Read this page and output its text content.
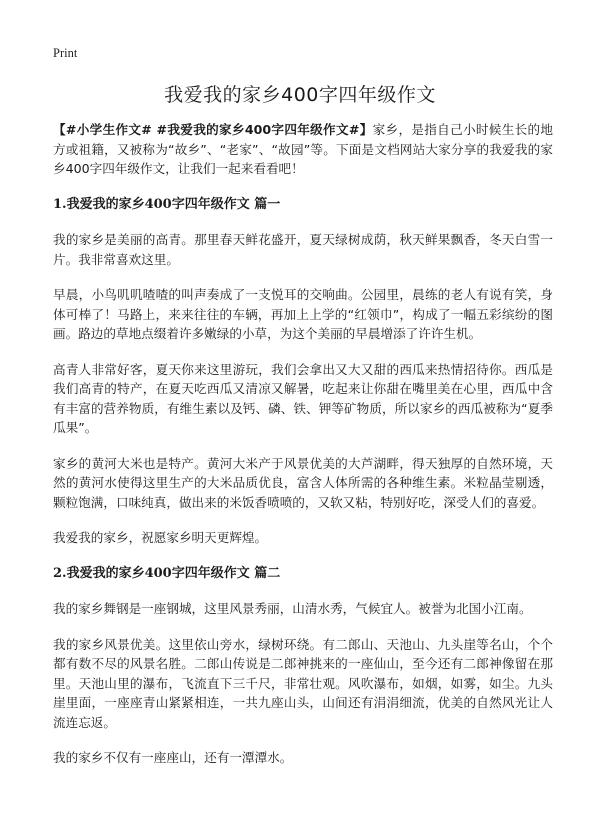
Print
我爱我的家乡400字四年级作文

【#小学生作文# #我爱我的家乡400字四年级作文#】家乡，是指自己小时候生长的地方或祖籍，又被称为“故乡”、“老家”、“故园”等。下面是文档网站大家分享的我爱我的家乡400字四年级作文，让我们一起来看看吧！

1.我爱我的家乡400字四年级作文 篇一

我的家乡是美丽的高青。那里春天鲜花盛开，夏天绿树成荫，秋天鲜果飘香，冬天白雪一片。我非常喜欢这里。

早晨，小鸟叽叽喳喳的叫声奏成了一支悦耳的交响曲。公园里，晨练的老人有说有笑，身体可棒了！马路上，来来往往的车辆，再加上上学的“红领巾”，构成了一幅五彩缤纷的图画。路边的草地点缀着许多嫩绿的小草，为这个美丽的早晨增添了许许生机。

高青人非常好客，夏天你来这里游玩，我们会拿出又大又甜的西瓜来热情招待你。西瓜是我们高青的特产，在夏天吃西瓜又清凉又解暑，吃起来让你甜在嘴里美在心里，西瓜中含有丰富的营养物质，有维生素以及钙、磷、铁、钾等矿物质，所以家乡的西瓜被称为“夏季瓜果”。

家乡的黄河大米也是特产。黄河大米产于风景优美的大芦湖畔，得天独厚的自然环境，天然的黄河水使得这里生产的大米品质优良，富含人体所需的各种维生素。米粒晶莹剔透，颗粒饱满，口味纯真，做出来的米饭香喷喷的，又软又粘，特别好吃，深受人们的喜爱。

我爱我的家乡，祝愿家乡明天更辉煌。

2.我爱我的家乡400字四年级作文 篇二

我的家乡舞钢是一座钢城，这里风景秀丽，山清水秀，气候宜人。被誉为北国小江南。

我的家乡风景优美。这里依山旁水，绿树环绕。有二郎山、天池山、九头崖等名山，个个都有数不尽的风景名胜。二郎山传说是二郎神挑来的一座仙山，至今还有二郎神像留在那里。天池山里的瀑布，飞流直下三千尺，非常壮观。风吹瀑布，如烟，如雾，如尘。九头崖里面，一座座青山紧紧相连，一共九座山头，山间还有涓涓细流，优美的自然风光让人流连忘返。

我的家乡不仅有一座座山，还有一潭潭水。
